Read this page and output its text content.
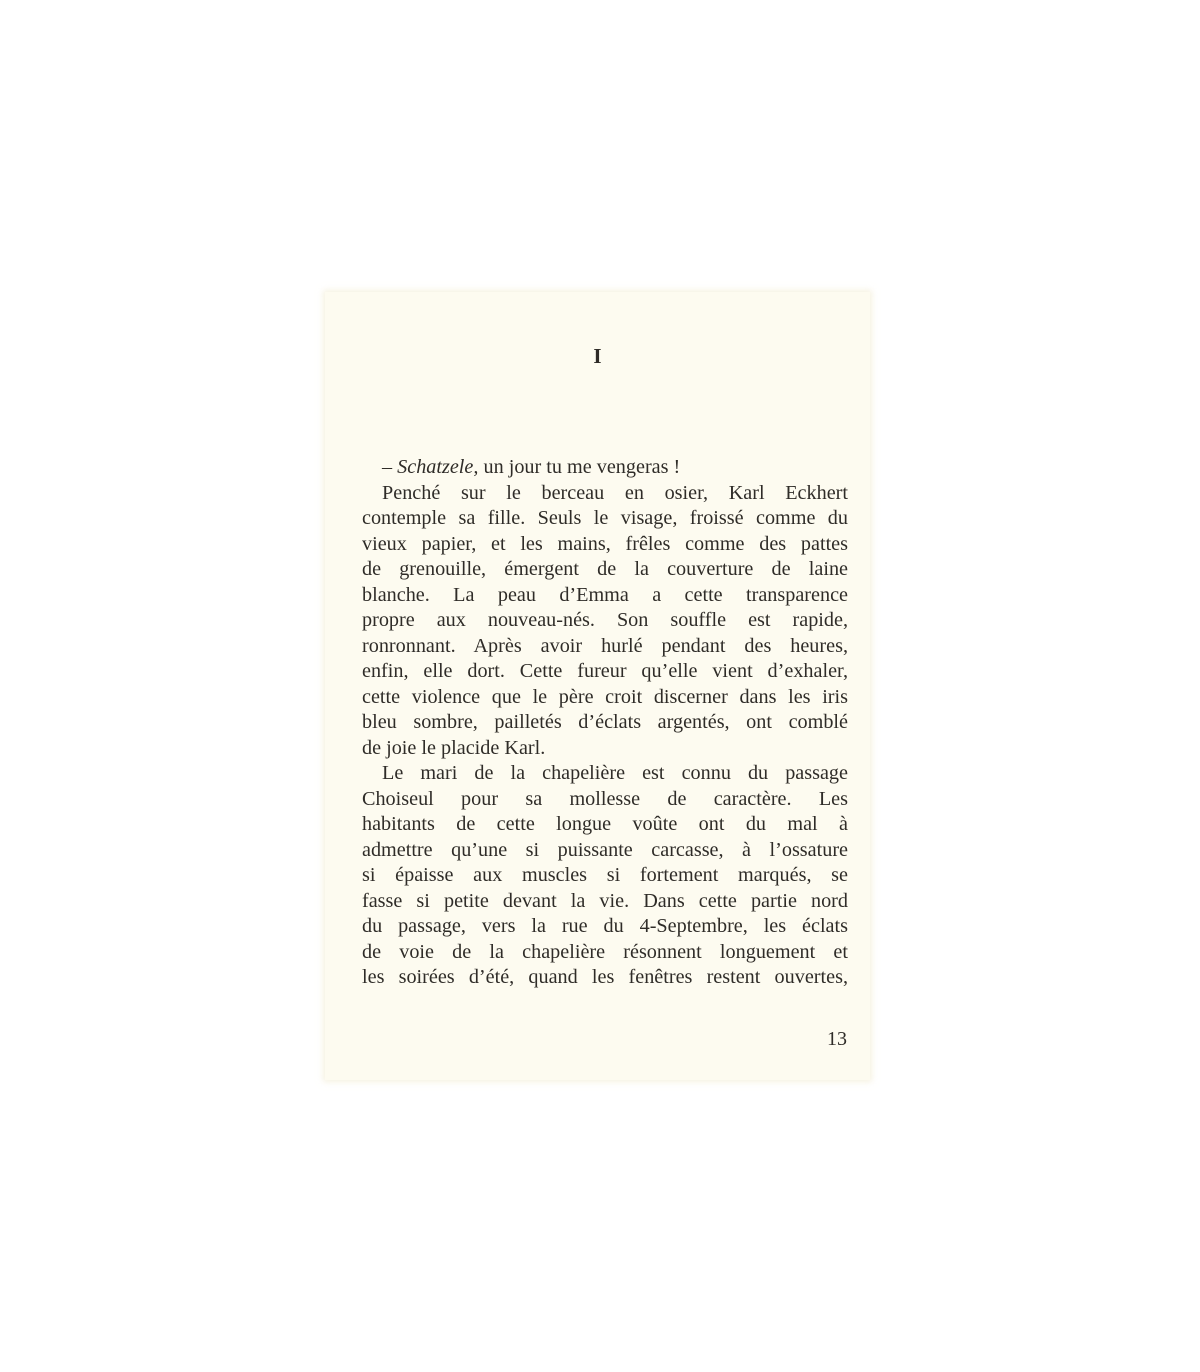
I

– Schatzele, un jour tu me vengeras !

Penché sur le berceau en osier, Karl Eckhert
contemple sa fille. Seuls le visage, froissé comme du
vieux papier, et les mains, frêles comme des pattes
de grenouille, émergent de la couverture de laine
blanche. La peau d’Emma a cette transparence
propre aux nouveau-nés. Son souffle est rapide,
ronronnant. Après avoir hurlé pendant des heures,
enfin, elle dort. Cette fureur qu’elle vient d’exhaler,
cette violence que le père croit discerner dans les iris
bleu sombre, pailletés d’éclats argentés, ont comblé
de joie le placide Karl.

Le mari de la chapelière est connu du passage
Choiseul pour sa mollesse de caractère. Les
habitants de cette longue voûte ont du mal à
admettre qu’une si puissante carcasse, à l’ossature
si épaisse aux muscles si fortement marqués, se
fasse si petite devant la vie. Dans cette partie nord
du passage, vers la rue du 4-Septembre, les éclats
de voie de la chapelière résonnent longuement et
les soirées d’été, quand les fenêtres restent ouvertes,

13
